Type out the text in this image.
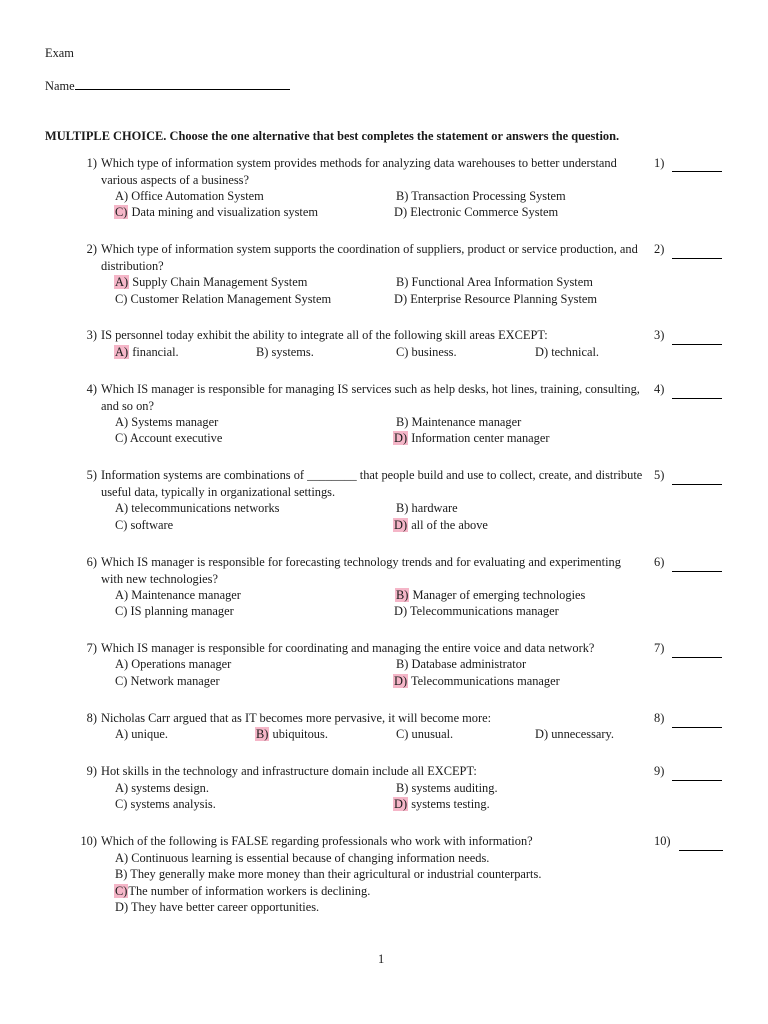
Exam
Name
MULTIPLE CHOICE. Choose the one alternative that best completes the statement or answers the question.
1) Which type of information system provides methods for analyzing data warehouses to better understand various aspects of a business?
1)
A) Office Automation System	B) Transaction Processing System
C) Data mining and visualization system	D) Electronic Commerce System
2) Which type of information system supports the coordination of suppliers, product or service production, and distribution?
2)
A) Supply Chain Management System	B) Functional Area Information System
C) Customer Relation Management System	D) Enterprise Resource Planning System
3) IS personnel today exhibit the ability to integrate all of the following skill areas EXCEPT:	3)
A) financial.	B) systems.	C) business.	D) technical.
4) Which IS manager is responsible for managing IS services such as help desks, hot lines, training, consulting, and so on?
4)
A) Systems manager	B) Maintenance manager
C) Account executive	D) Information center manager
5) Information systems are combinations of ________ that people build and use to collect, create, and distribute useful data, typically in organizational settings.
5)
A) telecommunications networks	B) hardware
C) software	D) all of the above
6) Which IS manager is responsible for forecasting technology trends and for evaluating and experimenting with new technologies?
6)
A) Maintenance manager	B) Manager of emerging technologies
C) IS planning manager	D) Telecommunications manager
7) Which IS manager is responsible for coordinating and managing the entire voice and data network?	7)
A) Operations manager	B) Database administrator
C) Network manager	D) Telecommunications manager
8) Nicholas Carr argued that as IT becomes more pervasive, it will become more:	8)
A) unique.	B) ubiquitous.	C) unusual.	D) unnecessary.
9) Hot skills in the technology and infrastructure domain include all EXCEPT:	9)
A) systems design.	B) systems auditing.
C) systems analysis.	D) systems testing.
10) Which of the following is FALSE regarding professionals who work with information?	10)
A) Continuous learning is essential because of changing information needs.
B) They generally make more money than their agricultural or industrial counterparts.
C)The number of information workers is declining.
D) They have better career opportunities.
1
